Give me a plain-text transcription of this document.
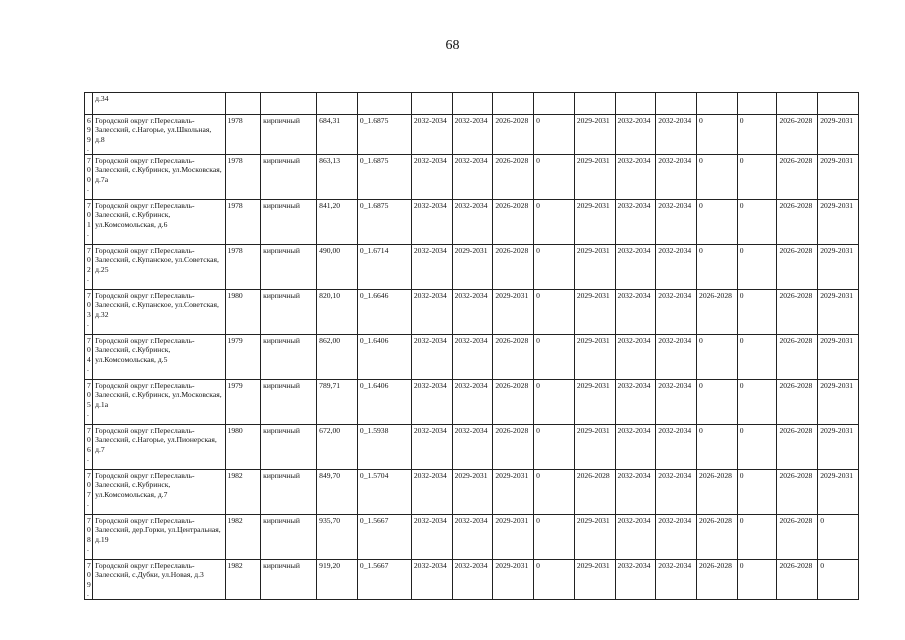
68
	д.34															
699.	Городской округ г.Переславль-Залесский, с.Нагорье, ул.Школьная, д.8	1978	кирпичный	684,31	0_1.6875	2032-2034	2032-2034	2026-2028	0	2029-2031	2032-2034	2032-2034	0	0	2026-2028	2029-2031
700.	Городской округ г.Переславль-Залесский, с.Кубринск, ул.Московская, д.7а	1978	кирпичный	863,13	0_1.6875	2032-2034	2032-2034	2026-2028	0	2029-2031	2032-2034	2032-2034	0	0	2026-2028	2029-2031
701.	Городской округ г.Переславль-Залесский, с.Кубринск, ул.Комсомольская, д.6	1978	кирпичный	841,20	0_1.6875	2032-2034	2032-2034	2026-2028	0	2029-2031	2032-2034	2032-2034	0	0	2026-2028	2029-2031
702.	Городской округ г.Переславль-Залесский, с.Купанское, ул.Советская, д.25	1978	кирпичный	490,00	0_1.6714	2032-2034	2029-2031	2026-2028	0	2029-2031	2032-2034	2032-2034	0	0	2026-2028	2029-2031
703.	Городской округ г.Переславль-Залесский, с.Купанское, ул.Советская, д.32	1980	кирпичный	820,10	0_1.6646	2032-2034	2032-2034	2029-2031	0	2029-2031	2032-2034	2032-2034	2026-2028	0	2026-2028	2029-2031
704.	Городской округ г.Переславль-Залесский, с.Кубринск, ул.Комсомольская, д.5	1979	кирпичный	862,00	0_1.6406	2032-2034	2032-2034	2026-2028	0	2029-2031	2032-2034	2032-2034	0	0	2026-2028	2029-2031
705.	Городской округ г.Переславль-Залесский, с.Кубринск, ул.Московская, д.1а	1979	кирпичный	789,71	0_1.6406	2032-2034	2032-2034	2026-2028	0	2029-2031	2032-2034	2032-2034	0	0	2026-2028	2029-2031
706.	Городской округ г.Переславль-Залесский, с.Нагорье, ул.Пионерская, д.7	1980	кирпичный	672,00	0_1.5938	2032-2034	2032-2034	2026-2028	0	2029-2031	2032-2034	2032-2034	0	0	2026-2028	2029-2031
707.	Городской округ г.Переславль-Залесский, с.Кубринск, ул.Комсомольская, д.7	1982	кирпичный	849,70	0_1.5704	2032-2034	2029-2031	2029-2031	0	2026-2028	2032-2034	2032-2034	2026-2028	0	2026-2028	2029-2031
708.	Городской округ г.Переславль-Залесский, дер.Горки, ул.Центральная, д.19	1982	кирпичный	935,70	0_1.5667	2032-2034	2032-2034	2029-2031	0	2029-2031	2032-2034	2032-2034	2026-2028	0	2026-2028	0
709.	Городской округ г.Переславль-Залесский, с.Дубки, ул.Новая, д.3	1982	кирпичный	919,20	0_1.5667	2032-2034	2032-2034	2029-2031	0	2029-2031	2032-2034	2032-2034	2026-2028	0	2026-2028	0
